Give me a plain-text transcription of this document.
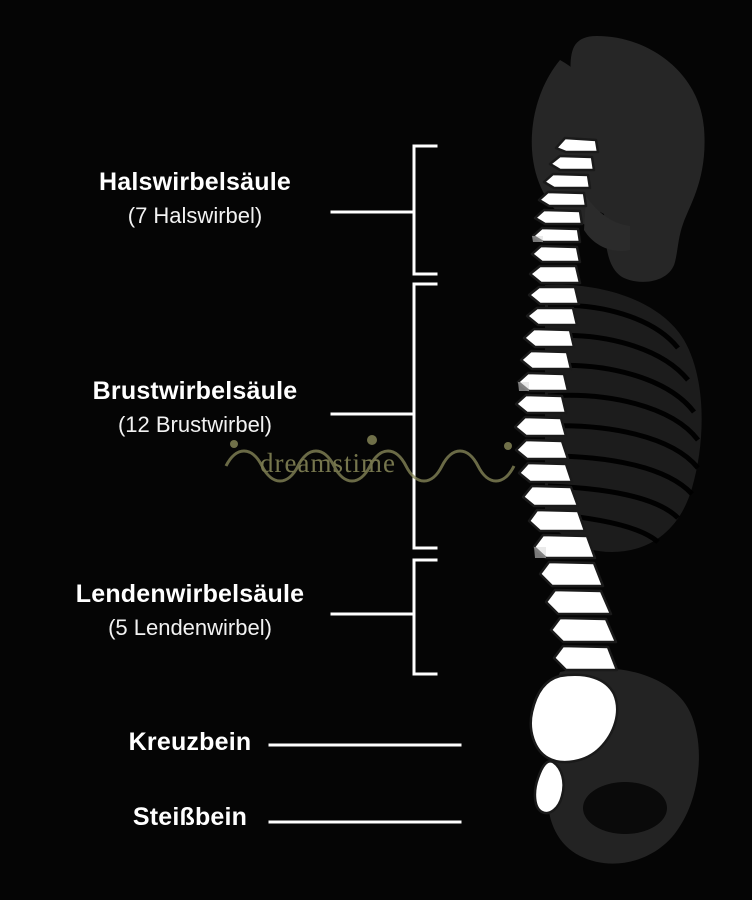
Halswirbelsäule
(7 Halswirbel)
Brustwirbelsäule
(12 Brustwirbel)
Lendenwirbelsäule
(5 Lendenwirbel)
Kreuzbein
Steißbein
dreamstime
